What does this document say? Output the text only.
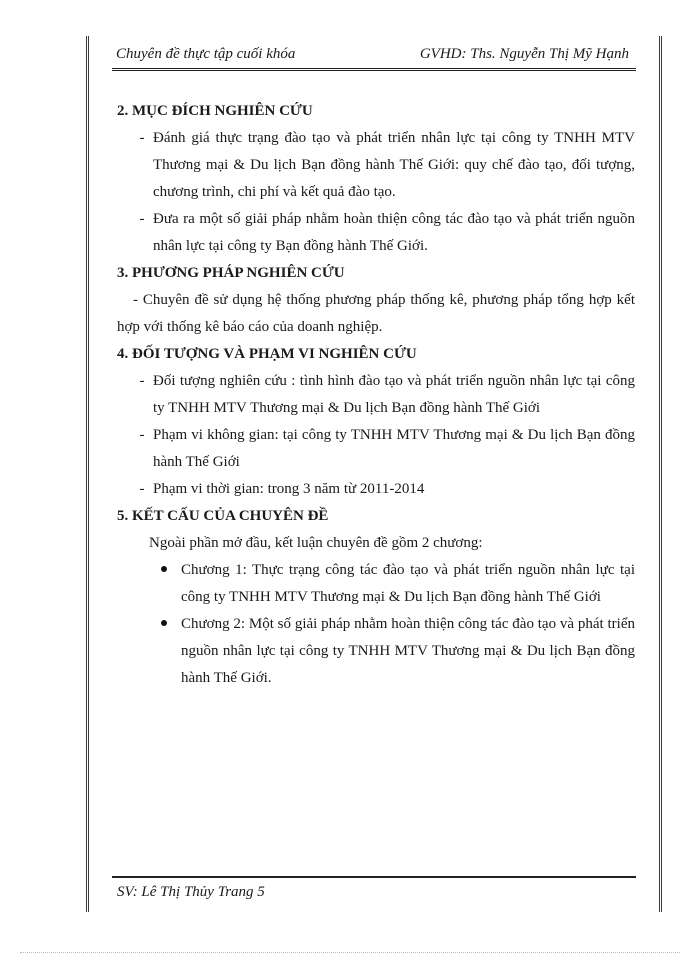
Chuyên đề thực tập cuối khóa	GVHD: Ths. Nguyễn Thị Mỹ Hạnh

2. MỤC ĐÍCH NGHIÊN CỨU

- Đánh giá thực trạng đào tạo và phát triển nhân lực tại công ty TNHH MTV Thương mại & Du lịch Bạn đồng hành Thế Giới: quy chế đào tạo, đối tượng, chương trình, chi phí và kết quả đào tạo.
- Đưa ra một số giải pháp nhằm hoàn thiện công tác đào tạo và phát triển nguồn nhân lực tại công ty Bạn đồng hành Thế Giới.

3. PHƯƠNG PHÁP NGHIÊN CỨU

- Chuyên đề sử dụng hệ thống phương pháp thống kê, phương pháp tổng hợp kết hợp với thống kê báo cáo của doanh nghiệp.

4. ĐỐI TƯỢNG VÀ PHẠM VI NGHIÊN CỨU

- Đối tượng nghiên cứu : tình hình đào tạo và phát triển nguồn nhân lực tại công ty TNHH MTV Thương mại & Du lịch Bạn đồng hành Thế Giới
- Phạm vi không gian: tại công ty TNHH MTV Thương mại & Du lịch Bạn đồng hành Thế Giới
- Phạm vi thời gian: trong 3 năm từ 2011-2014

5. KẾT CẤU CỦA CHUYÊN ĐỀ

Ngoài phần mở đầu, kết luận chuyên đề gồm 2 chương:

Chương 1: Thực trạng công tác đào tạo và phát triển nguồn nhân lực tại công ty TNHH MTV Thương mại & Du lịch Bạn đồng hành Thế Giới
Chương 2: Một số giải pháp nhằm hoàn thiện công tác đào tạo và phát triển nguồn nhân lực tại công ty TNHH MTV Thương mại & Du lịch Bạn đồng hành Thế Giới.
SV: Lê Thị Thủy Trang 5
